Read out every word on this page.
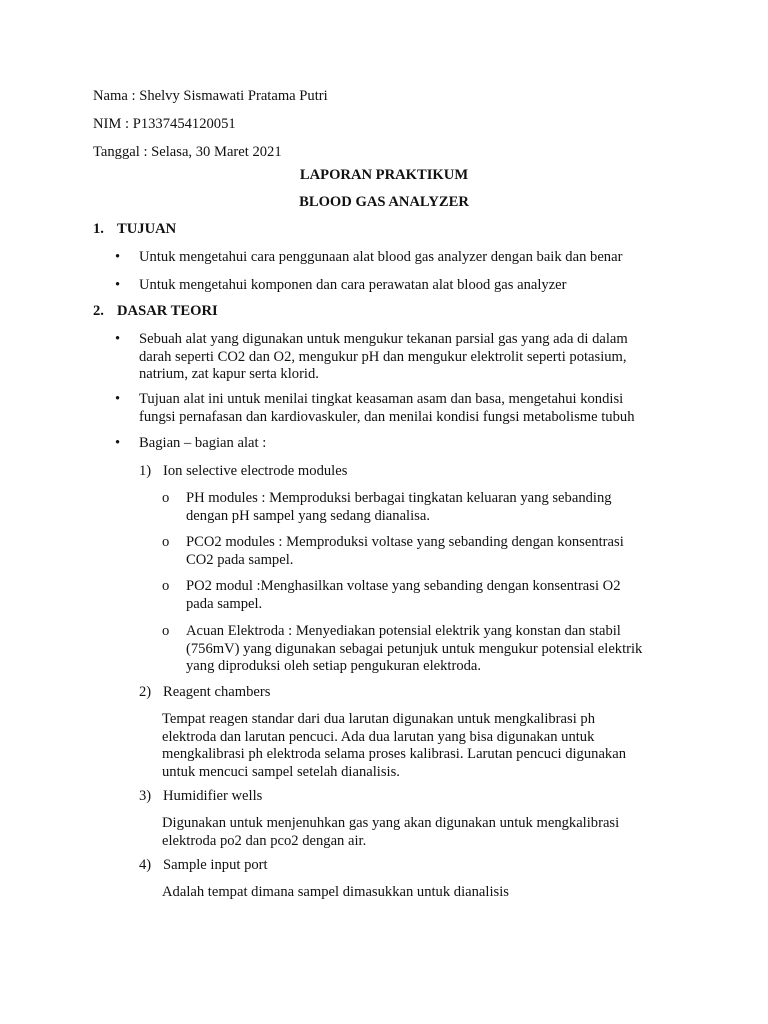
Nama : Shelvy Sismawati Pratama Putri
NIM : P1337454120051
Tanggal : Selasa, 30 Maret 2021
LAPORAN PRAKTIKUM
BLOOD GAS ANALYZER
1. TUJUAN
• Untuk mengetahui cara penggunaan alat blood gas analyzer dengan baik dan benar
• Untuk mengetahui komponen dan cara perawatan alat blood gas analyzer
2. DASAR TEORI
• Sebuah alat yang digunakan untuk mengukur tekanan parsial gas yang ada di dalam
darah seperti CO2 dan O2, mengukur pH dan mengukur elektrolit seperti potasium,
natrium, zat kapur serta klorid.
• Tujuan alat ini untuk menilai tingkat keasaman asam dan basa, mengetahui kondisi
fungsi pernafasan dan kardiovaskuler, dan menilai kondisi fungsi metabolisme tubuh
• Bagian – bagian alat :
1) Ion selective electrode modules
o PH modules : Memproduksi berbagai tingkatan keluaran yang sebanding
dengan pH sampel yang sedang dianalisa.
o PCO2 modules : Memproduksi voltase yang sebanding dengan konsentrasi
CO2 pada sampel.
o PO2 modul :Menghasilkan voltase yang sebanding dengan konsentrasi O2
pada sampel.
o Acuan Elektroda : Menyediakan potensial elektrik yang konstan dan stabil
(756mV) yang digunakan sebagai petunjuk untuk mengukur potensial elektrik
yang diproduksi oleh setiap pengukuran elektroda.
2) Reagent chambers
Tempat reagen standar dari dua larutan digunakan untuk mengkalibrasi ph
elektroda dan larutan pencuci. Ada dua larutan yang bisa digunakan untuk
mengkalibrasi ph elektroda selama proses kalibrasi. Larutan pencuci digunakan
untuk mencuci sampel setelah dianalisis.
3) Humidifier wells
Digunakan untuk menjenuhkan gas yang akan digunakan untuk mengkalibrasi
elektroda po2 dan pco2 dengan air.
4) Sample input port
Adalah tempat dimana sampel dimasukkan untuk dianalisis
